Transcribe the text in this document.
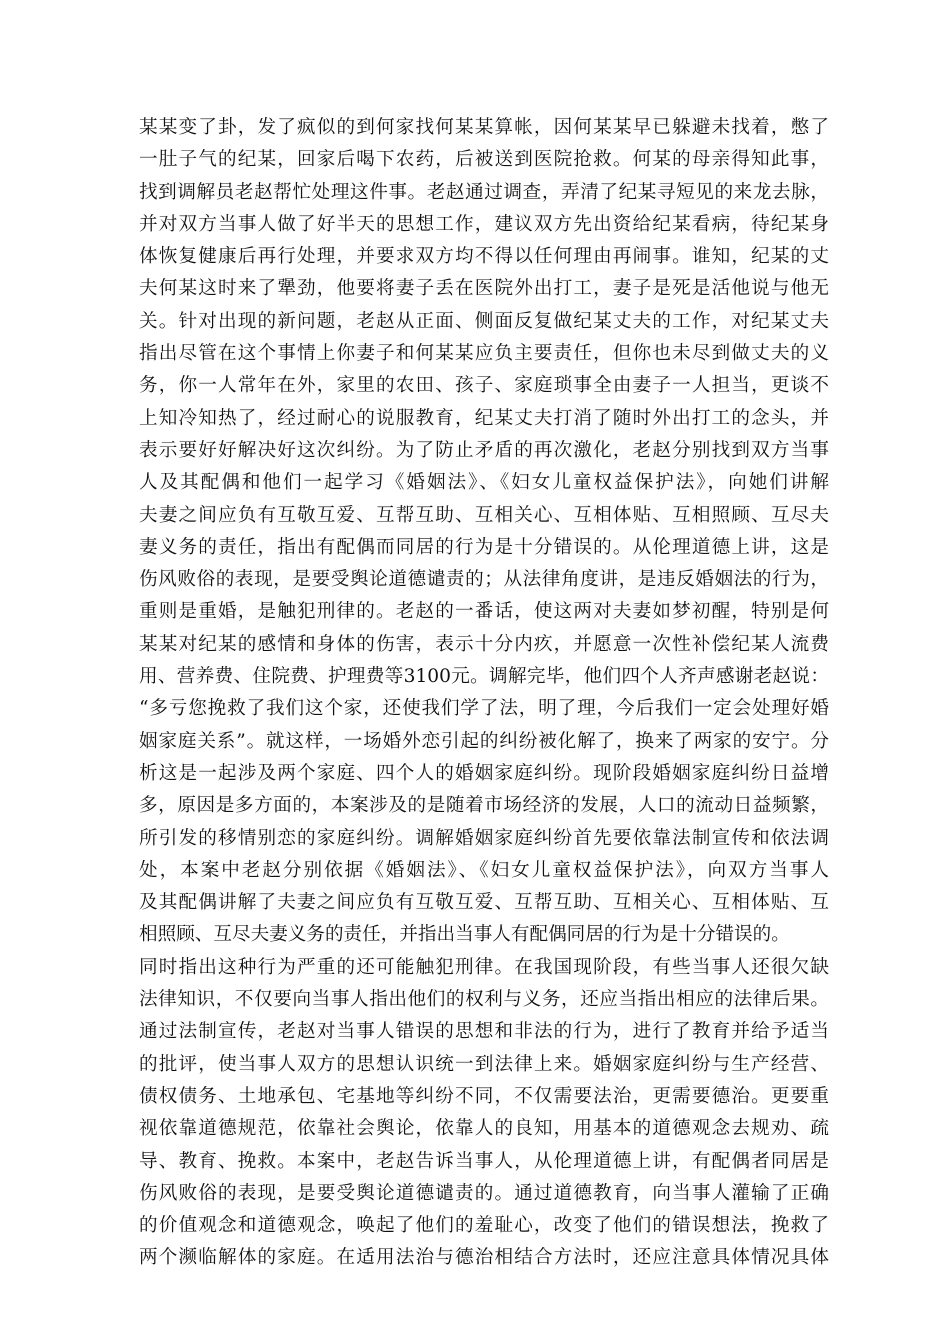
某某变了卦，发了疯似的到何家找何某某算帐，因何某某早已躲避未找着，憋了
一肚子气的纪某，回家后喝下农药，后被送到医院抢救。何某的母亲得知此事，
找到调解员老赵帮忙处理这件事。老赵通过调查，弄清了纪某寻短见的来龙去脉，
并对双方当事人做了好半天的思想工作，建议双方先出资给纪某看病，待纪某身
体恢复健康后再行处理，并要求双方均不得以任何理由再闹事。谁知，纪某的丈
夫何某这时来了犟劲，他要将妻子丢在医院外出打工，妻子是死是活他说与他无
关。针对出现的新问题，老赵从正面、侧面反复做纪某丈夫的工作，对纪某丈夫
指出尽管在这个事情上你妻子和何某某应负主要责任，但你也未尽到做丈夫的义
务，你一人常年在外，家里的农田、孩子、家庭琐事全由妻子一人担当，更谈不
上知冷知热了，经过耐心的说服教育，纪某丈夫打消了随时外出打工的念头，并
表示要好好解决好这次纠纷。为了防止矛盾的再次激化，老赵分别找到双方当事
人及其配偶和他们一起学习《婚姻法》、《妇女儿童权益保护法》，向她们讲解
夫妻之间应负有互敬互爱、互帮互助、互相关心、互相体贴、互相照顾、互尽夫
妻义务的责任，指出有配偶而同居的行为是十分错误的。从伦理道德上讲，这是
伤风败俗的表现，是要受舆论道德谴责的；从法律角度讲，是违反婚姻法的行为，
重则是重婚，是触犯刑律的。老赵的一番话，使这两对夫妻如梦初醒，特别是何
某某对纪某的感情和身体的伤害，表示十分内疚，并愿意一次性补偿纪某人流费
用、营养费、住院费、护理费等3100元。调解完毕，他们四个人齐声感谢老赵说：
“多亏您挽救了我们这个家，还使我们学了法，明了理，今后我们一定会处理好婚
姻家庭关系”。就这样，一场婚外恋引起的纠纷被化解了，换来了两家的安宁。分
析这是一起涉及两个家庭、四个人的婚姻家庭纠纷。现阶段婚姻家庭纠纷日益增
多，原因是多方面的，本案涉及的是随着市场经济的发展，人口的流动日益频繁，
所引发的移情别恋的家庭纠纷。调解婚姻家庭纠纷首先要依靠法制宣传和依法调
处，本案中老赵分别依据《婚姻法》、《妇女儿童权益保护法》，向双方当事人
及其配偶讲解了夫妻之间应负有互敬互爱、互帮互助、互相关心、互相体贴、互
相照顾、互尽夫妻义务的责任，并指出当事人有配偶同居的行为是十分错误的。
同时指出这种行为严重的还可能触犯刑律。在我国现阶段，有些当事人还很欠缺
法律知识，不仅要向当事人指出他们的权利与义务，还应当指出相应的法律后果。
通过法制宣传，老赵对当事人错误的思想和非法的行为，进行了教育并给予适当
的批评，使当事人双方的思想认识统一到法律上来。婚姻家庭纠纷与生产经营、
债权债务、土地承包、宅基地等纠纷不同，不仅需要法治，更需要德治。更要重
视依靠道德规范，依靠社会舆论，依靠人的良知，用基本的道德观念去规劝、疏
导、教育、挽救。本案中，老赵告诉当事人，从伦理道德上讲，有配偶者同居是
伤风败俗的表现，是要受舆论道德谴责的。通过道德教育，向当事人灌输了正确
的价值观念和道德观念，唤起了他们的羞耻心，改变了他们的错误想法，挽救了
两个濒临解体的家庭。在适用法治与德治相结合方法时，还应注意具体情况具体
